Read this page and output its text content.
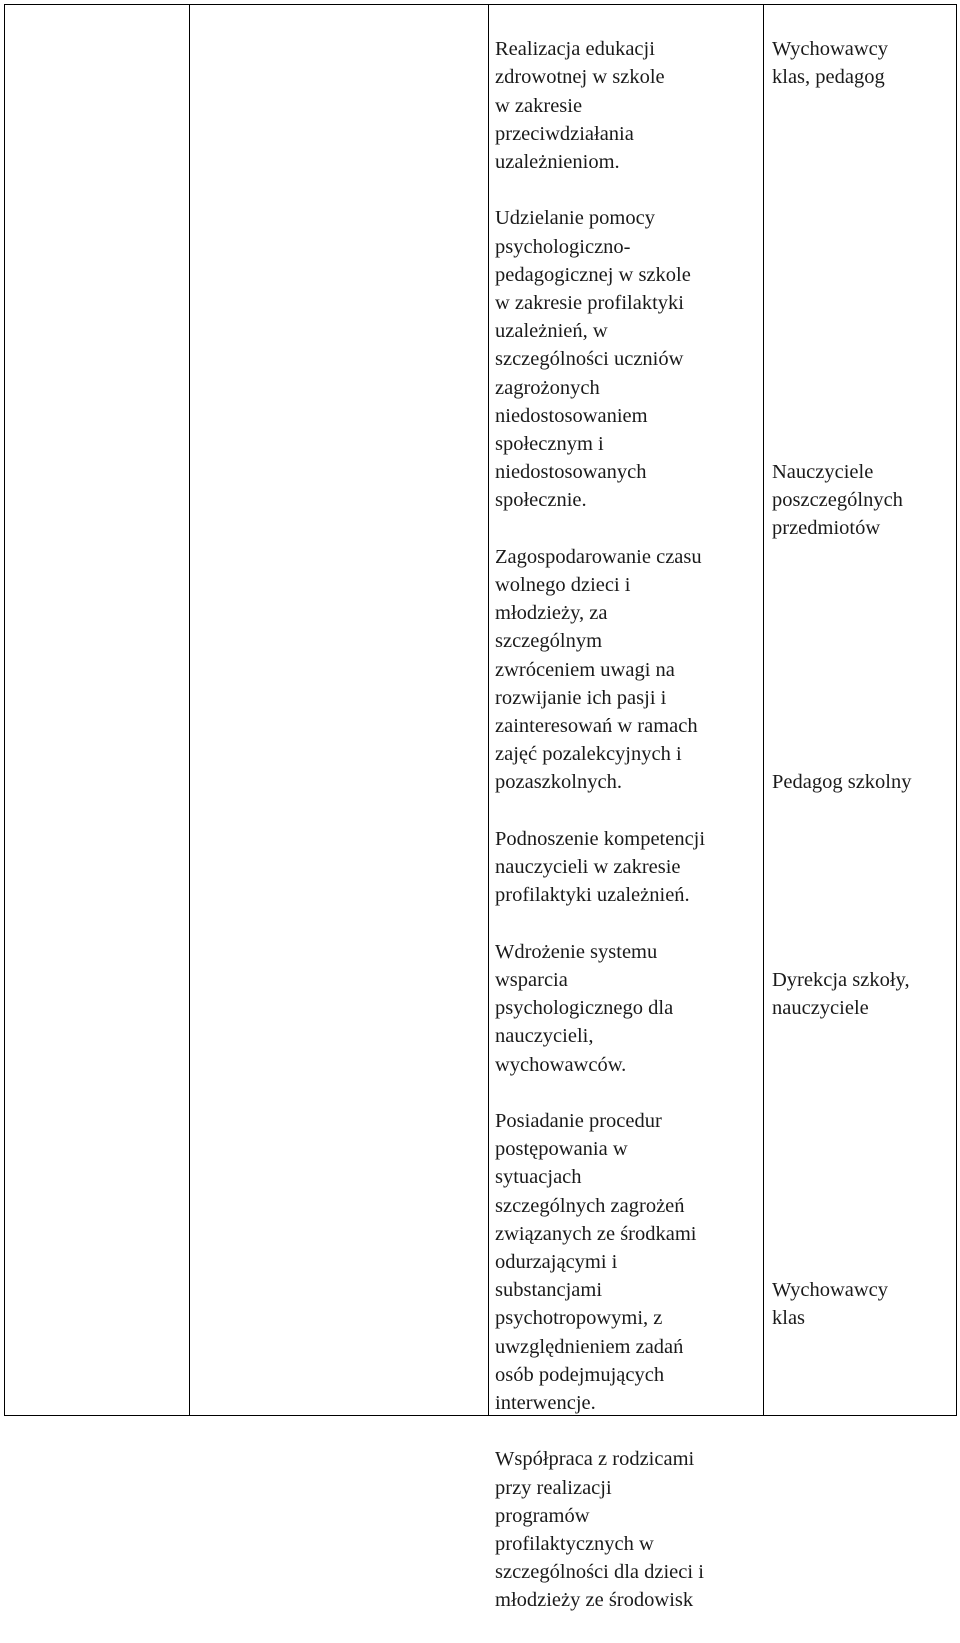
Realizacja edukacji
zdrowotnej w szkole
w zakresie
przeciwdziałania
uzależnieniom.

Udzielanie pomocy
psychologiczno-
pedagogicznej w szkole
w zakresie profilaktyki
uzależnień, w
szczególności uczniów
zagrożonych
niedostosowaniem
społecznym i
niedostosowanych
społecznie.

Zagospodarowanie czasu
wolnego dzieci i
młodzieży, za
szczególnym
zwróceniem uwagi na
rozwijanie ich pasji i
zainteresowań w ramach
zajęć pozalekcyjnych i
pozaszkolnych.

Podnoszenie kompetencji
nauczycieli w zakresie
profilaktyki uzależnień.

Wdrożenie systemu
wsparcia
psychologicznego dla
nauczycieli,
wychowawców.

Posiadanie procedur
postępowania w
sytuacjach
szczególnych zagrożeń
związanych ze środkami
odurzającymi i
substancjami
psychotropowymi, z
uwzględnieniem zadań
osób podejmujących
interwencje.

Współpraca z rodzicami
przy realizacji
programów
profilaktycznych w
szczególności dla dzieci i
młodzieży ze środowisk

Wychowawcy
klas, pedagog
Nauczyciele
poszczególnych
przedmiotów
Pedagog szkolny
Dyrekcja szkoły,
nauczyciele
Wychowawcy
klas
